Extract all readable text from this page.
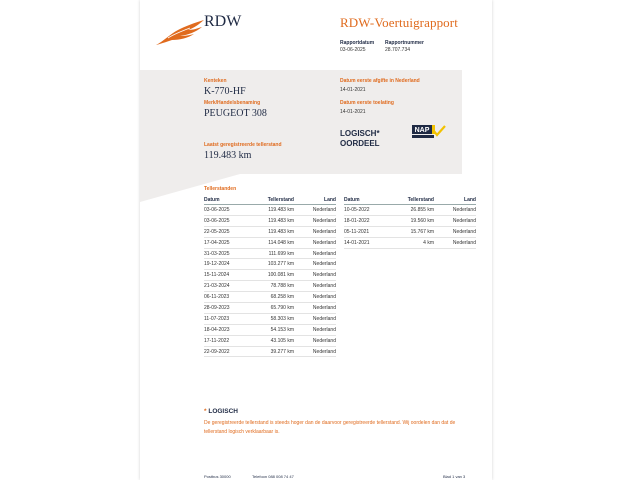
RDW	RDW-Voertuigrapport
Rapportdatum
03-06-2025
Rapportnummer
28.707.734
Kenteken
K-770-HF
Merk/Handelsbenaming
PEUGEOT 308
Laatst geregistreerde tellerstand
119.483 km
Datum eerste afgifte in Nederland
14-01-2021
Datum eerste toelating
14-01-2021
LOGISCH*
OORDEEL
NAP
Tellerstanden
Datum	Tellerstand	Land
03-06-2025	119.483 km	Nederland
03-06-2025	119.483 km	Nederland
22-05-2025	119.483 km	Nederland
17-04-2025	114.048 km	Nederland
31-03-2025	111.699 km	Nederland
19-12-2024	103.277 km	Nederland
15-11-2024	100.081 km	Nederland
21-03-2024	78.788 km	Nederland
06-11-2023	68.258 km	Nederland
28-09-2023	65.790 km	Nederland
11-07-2023	58.303 km	Nederland
18-04-2023	54.153 km	Nederland
17-11-2022	43.105 km	Nederland
22-09-2022	39.277 km	Nederland
Datum	Tellerstand	Land
10-05-2022	26.855 km	Nederland
18-01-2022	19.560 km	Nederland
05-11-2021	15.767 km	Nederland
14-01-2021	4 km	Nederland
* LOGISCH
De geregistreerde tellerstand is steeds hoger dan de daarvoor geregistreerde tellerstand. Wij oordelen dan dat de tellerstand logisch verklaarbaar is.
Postbus 30000	Telefoon 088 008 74 47	Blad 1 van 3
